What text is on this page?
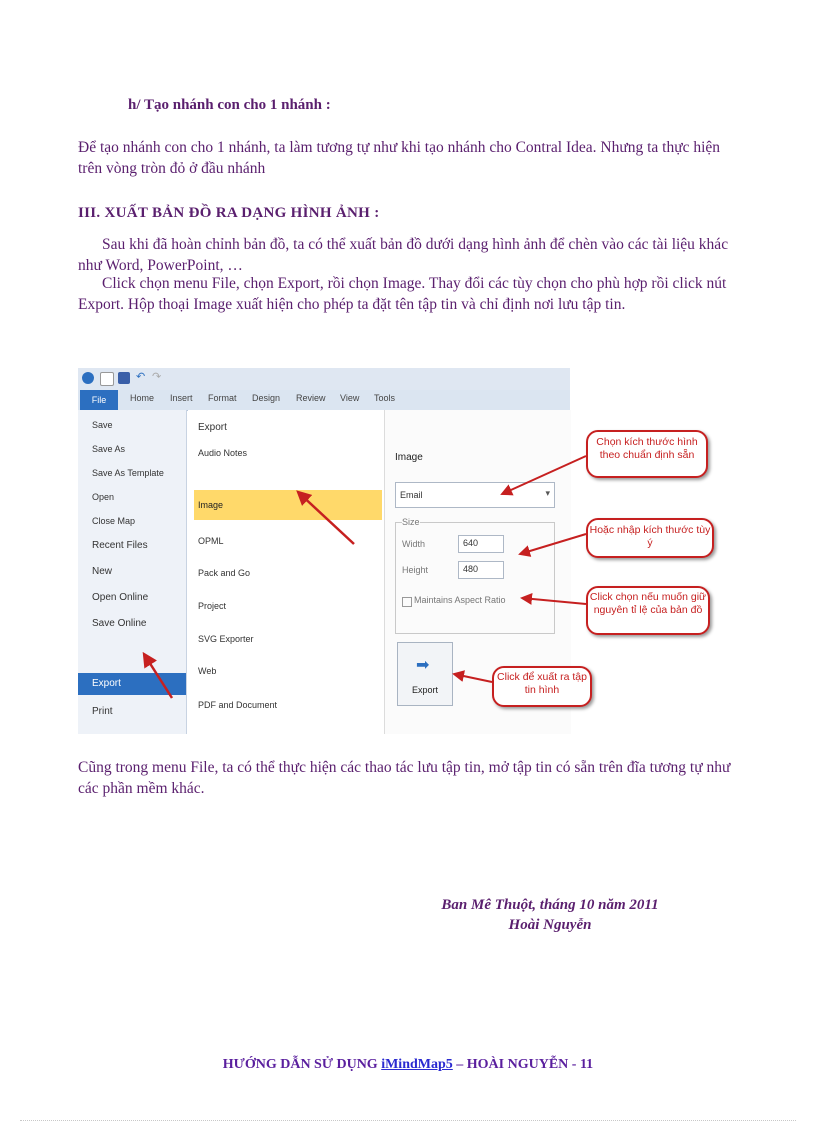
h/ Tạo nhánh con cho 1 nhánh :
Để tạo nhánh con cho 1 nhánh, ta làm tương tự như khi tạo nhánh cho Contral Idea. Nhưng ta thực hiện trên vòng tròn đỏ ở đầu nhánh
III. XUẤT BẢN ĐỒ RA DẠNG HÌNH ẢNH :
Sau khi đã hoàn chỉnh bản đồ, ta có thể xuất bản đồ dưới dạng hình ảnh để chèn vào các tài liệu khác như Word, PowerPoint, …
Click chọn menu File, chọn Export, rồi chọn Image. Thay đổi các tùy chọn cho phù hợp rồi click nút Export. Hộp thoại Image xuất hiện cho phép ta đặt tên tập tin và chỉ định nơi lưu tập tin.
↶ ↷
Home Insert Format Design Review View Tools
File
Save
Save As
Save As Template
Open
Close Map
Recent Files
New
Open Online
Save Online
Export
Print
Export
Audio Notes
Image
OPML
Pack and Go
Project
SVG Exporter
Web
PDF and Document
Image
Email	▾
Size
Width	640
Height	480
Maintains Aspect Ratio
➡
Export
Chọn kích thước hình theo chuẩn định sẵn
Hoặc nhập kích thước tùy ý
Click chọn nếu muốn giữ nguyên tỉ lệ của bản đồ
Click để xuất ra tập tin hình
Cũng trong menu File, ta có thể thực hiện các thao tác lưu tập tin, mở tập tin có sẵn trên đĩa tương tự như các phần mềm khác.
Ban Mê Thuột, tháng 10 năm 2011
Hoài Nguyễn
HƯỚNG DẪN SỬ DỤNG iMindMap5 – HOÀI NGUYỄN - 11
